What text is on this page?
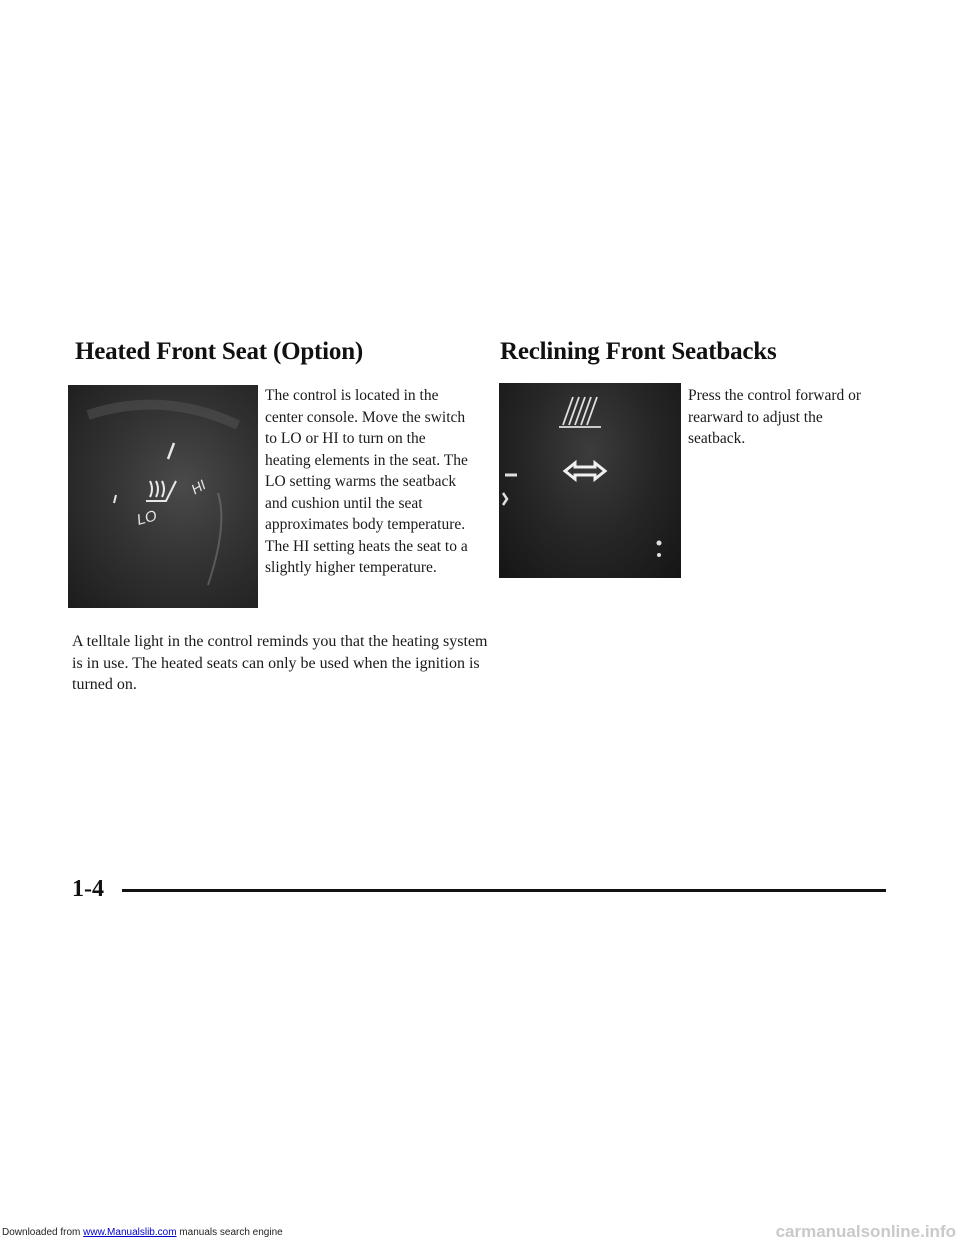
Heated Front Seat (Option)	Reclining Front Seatbacks
HI
LO

The control is located in the center console. Move the switch to LO or HI to turn on the heating elements in the seat. The LO setting warms the seatback and cushion until the seat approximates body temperature. The HI setting heats the seat to a slightly higher temperature.

Press the control forward or rearward to adjust the seatback.

A telltale light in the control reminds you that the heating system is in use. The heated seats can only be used when the ignition is turned on.

1-4
Downloaded from www.Manualslib.com manuals search engine	carmanualsonline.info
